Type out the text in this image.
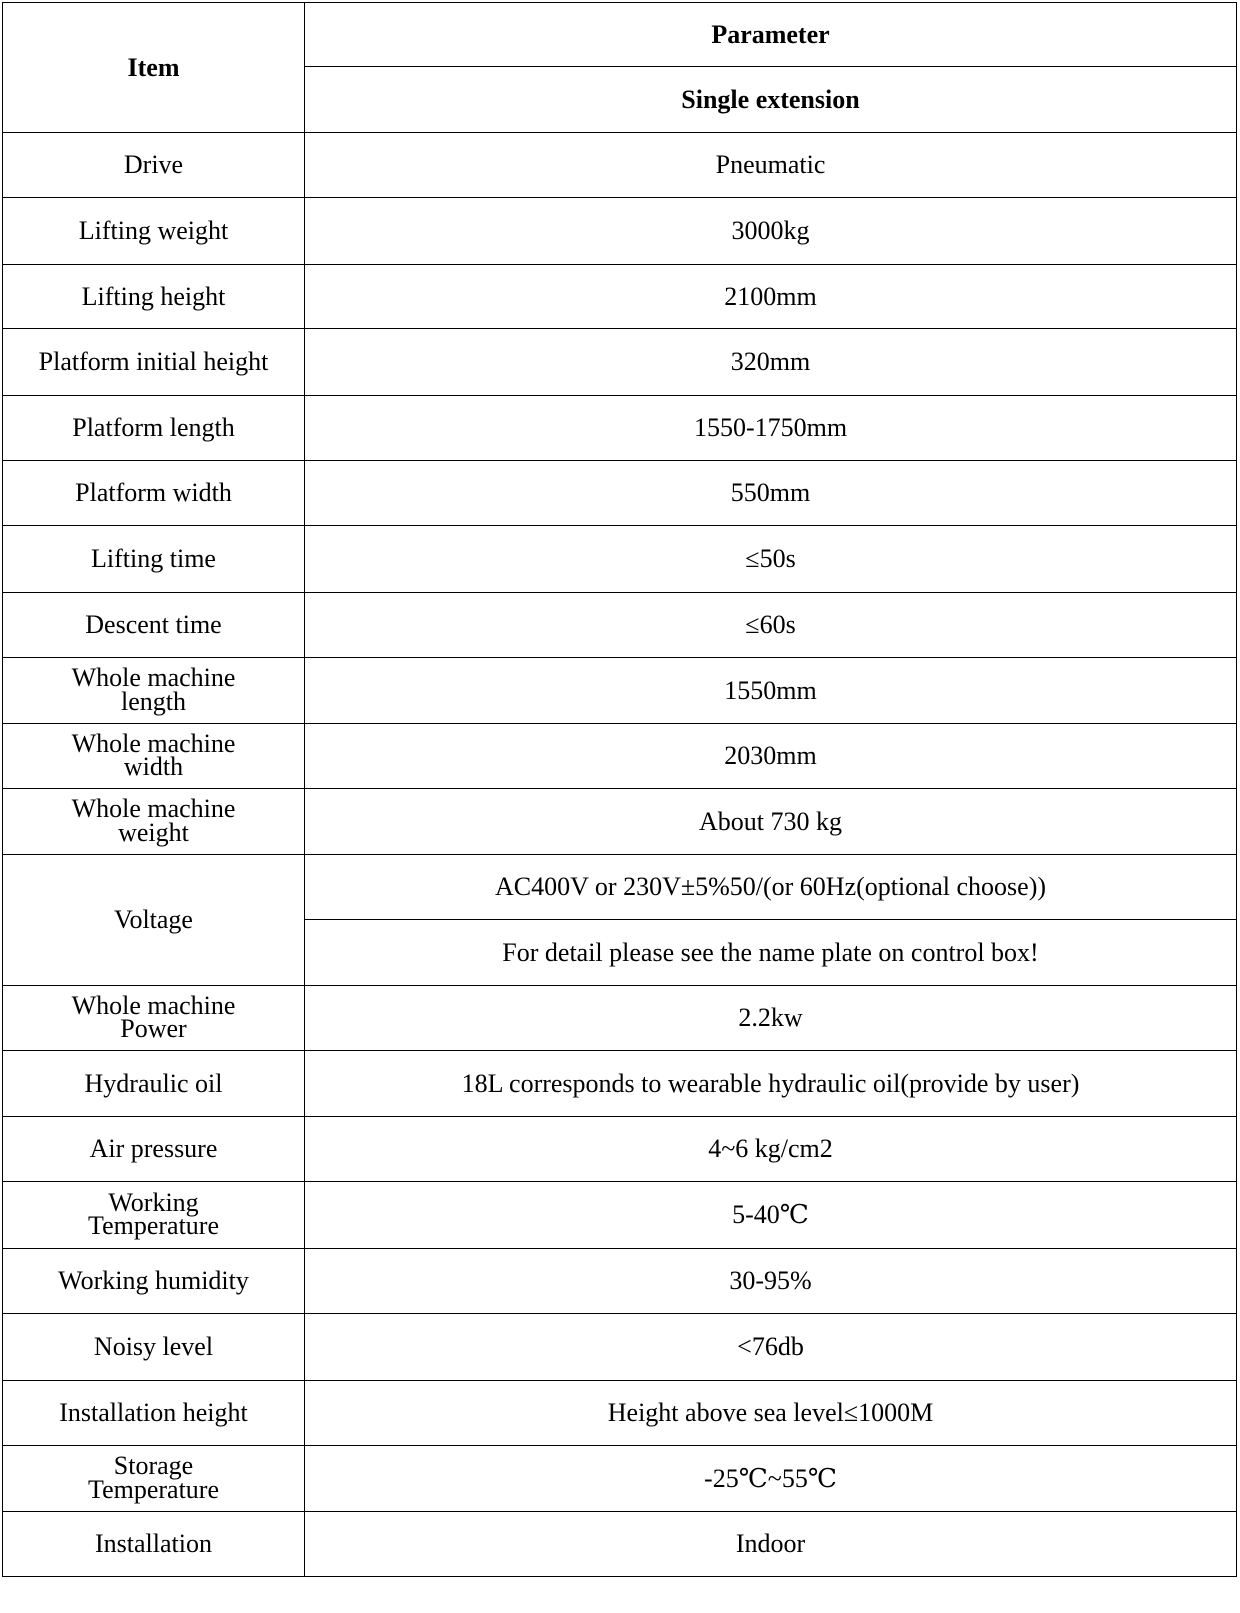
Item	Parameter
	Single extension
Drive	Pneumatic
Lifting weight	3000kg
Lifting height	2100mm
Platform initial height	320mm
Platform length	1550-1750mm
Platform width	550mm
Lifting time	≤50s
Descent time	≤60s
Whole machine
length	1550mm
Whole machine
width	2030mm
Whole machine
weight	About 730 kg
Voltage	AC400V or 230V±5%50/(or 60Hz(optional choose))
	For detail please see the name plate on control box!
Whole machine
Power	2.2kw
Hydraulic oil	18L corresponds to wearable hydraulic oil(provide by user)
Air pressure	4~6 kg/cm2
Working
Temperature	5-40℃
Working humidity	30-95%
Noisy level	<76db
Installation height	Height above sea level≤1000M
Storage
Temperature	-25℃~55℃
Installation	Indoor
